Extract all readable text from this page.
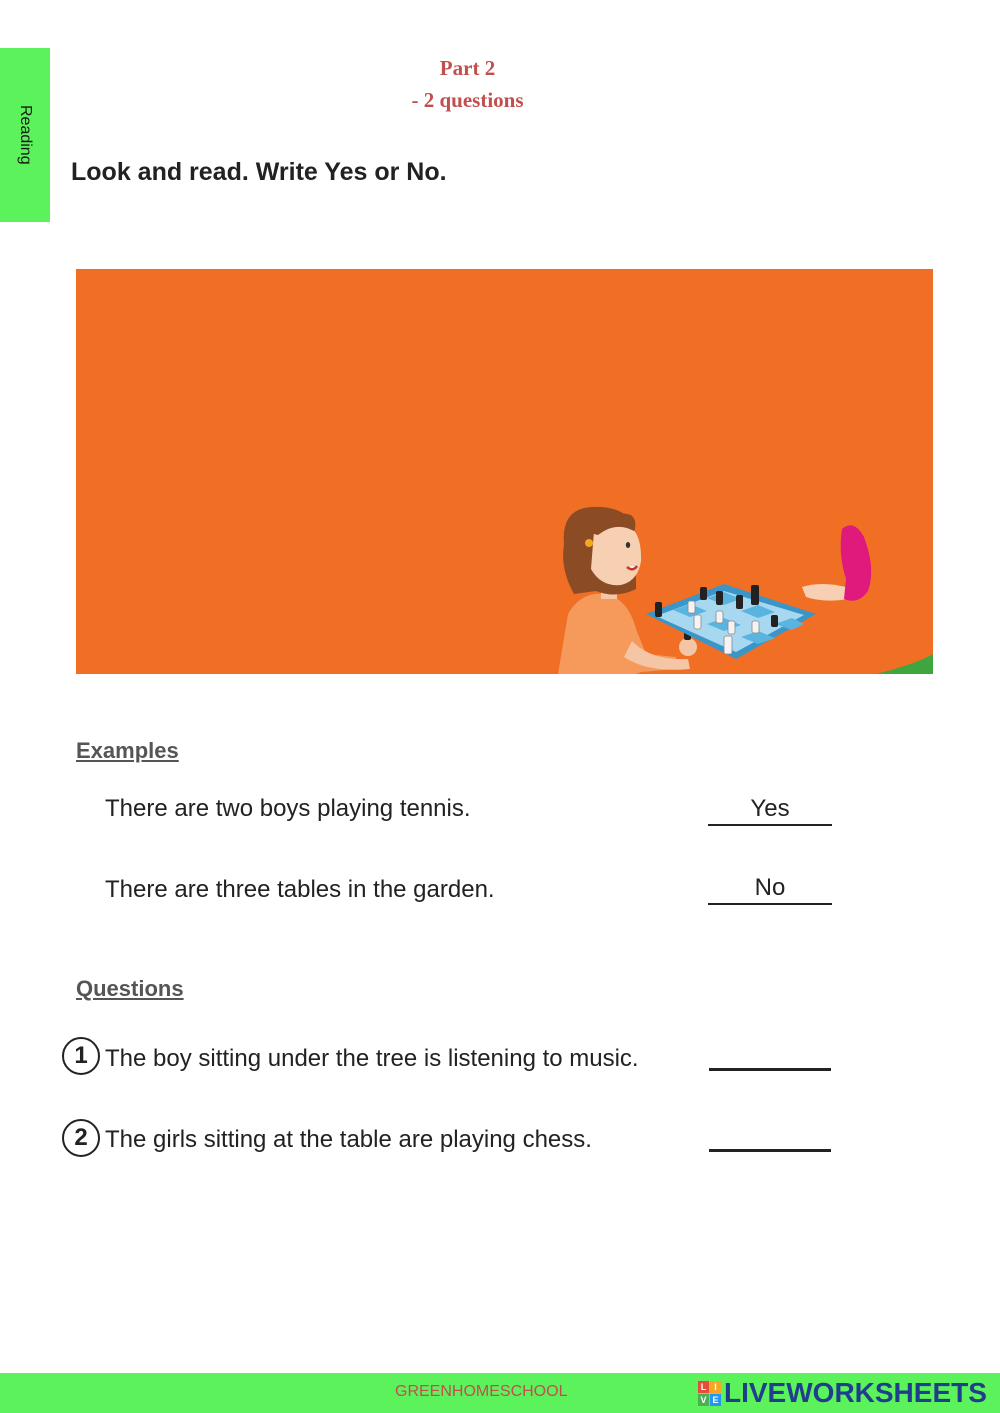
Reading
Part 2
- 2 questions
Look and read. Write Yes or No.
Examples
There are two boys playing tennis.	Yes
There are three tables in the garden.	No
Questions
1 The boy sitting under the tree is listening to music.
2 The girls sitting at the table are playing chess.
GREENHOMESCHOOL	L I
V E LIVEWORKSHEETS
